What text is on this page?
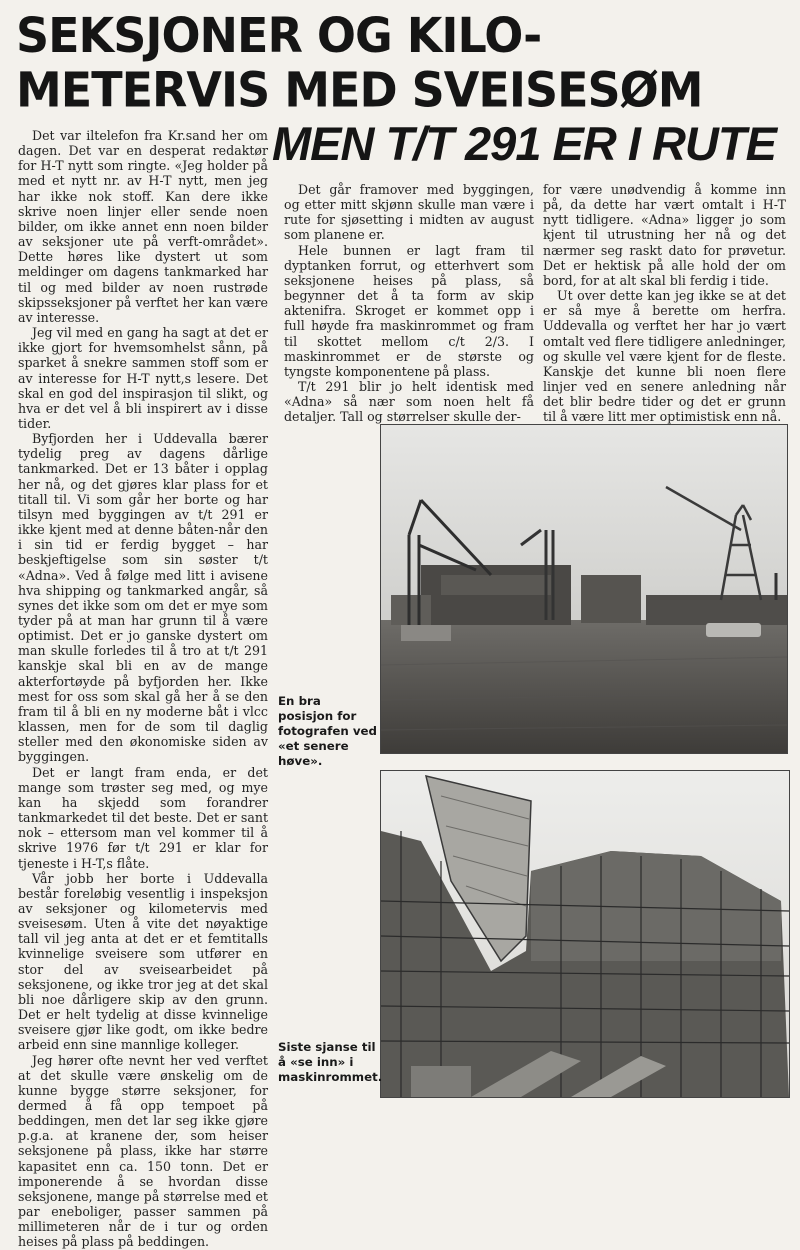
SEKSJONER OG KILO-
METERVIS MED SVEISESØM
MEN T/T 291 ER I RUTE

Det var iltelefon fra Kr.sand her om dagen. Det var en desperat redaktør for H-T nytt som ringte. «Jeg holder på med et nytt nr. av H-T nytt, men jeg har ikke nok stoff. Kan dere ikke skrive noen linjer eller sende noen bilder, om ikke annet enn noen bilder av seksjoner ute på verft-området». Dette høres like dystert ut som meldinger om dagens tankmarked har til og med bilder av noen rustrøde skipsseksjoner på verftet her kan være av interesse.

Jeg vil med en gang ha sagt at det er ikke gjort for hvemsomhelst sånn, på sparket å snekre sammen stoff som er av interesse for H-T nytt,s lesere. Det skal en god del inspirasjon til slikt, og hva er det vel å bli inspirert av i disse tider.

Byfjorden her i Uddevalla bærer tydelig preg av dagens dårlige tankmarked. Det er 13 båter i opplag her nå, og det gjøres klar plass for et titall til. Vi som går her borte og har tilsyn med byggingen av t/t 291 er ikke kjent med at denne båten-når den i sin tid er ferdig bygget – har beskjeftigelse som sin søster t/t «Adna». Ved å følge med litt i avisene hva shipping og tankmarked angår, så synes det ikke som om det er mye som tyder på at man har grunn til å være optimist. Det er jo ganske dystert om man skulle forledes til å tro at t/t 291 kanskje skal bli en av de mange akterfortøyde på byfjorden her. Ikke mest for oss som skal gå her å se den fram til å bli en ny moderne båt i vlcc klassen, men for de som til daglig steller med den økonomiske siden av byggingen.

Det er langt fram enda, er det mange som trøster seg med, og mye kan ha skjedd som forandrer tankmarkedet til det beste. Det er sant nok – ettersom man vel kommer til å skrive 1976 før t/t 291 er klar for tjeneste i H-T,s flåte.

Vår jobb her borte i Uddevalla består foreløbig vesentlig i inspeksjon av seksjoner og kilometervis med sveisesøm. Uten å vite det nøyaktige tall vil jeg anta at det er et femtitalls kvinnelige sveisere som utfører en stor del av sveisearbeidet på seksjonene, og ikke tror jeg at det skal bli noe dårligere skip av den grunn. Det er helt tydelig at disse kvinnelige sveisere gjør like godt, om ikke bedre arbeid enn sine mannlige kolleger.

Jeg hører ofte nevnt her ved verftet at det skulle være ønskelig om de kunne bygge større seksjoner, for dermed å få opp tempoet på beddingen, men det lar seg ikke gjøre p.g.a. at kranene der, som heiser seksjonene på plass, ikke har større kapasitet enn ca. 150 tonn. Det er imponerende å se hvordan disse seksjonene, mange på størrelse med et par eneboliger, passer sammen på millimeteren når de i tur og orden heises på plass på beddingen.

Det går framover med byggingen, og etter mitt skjønn skulle man være i rute for sjøsetting i midten av august som planene er.

Hele bunnen er lagt fram til dyptanken forrut, og etterhvert som seksjonene heises på plass, så begynner det å ta form av skip aktenifra. Skroget er kommet opp i full høyde fra maskinrommet og fram til skottet mellom c/t 2/3. I maskinrommet er de største og tyngste komponentene på plass.

T/t 291 blir jo helt identisk med «Adna» så nær som noen helt få detaljer. Tall og størrelser skulle der-

for være unødvendig å komme inn på, da dette har vært omtalt i H-T nytt tidligere. «Adna» ligger jo som kjent til utrustning her nå og det nærmer seg raskt dato for prøvetur. Det er hektisk på alle hold der om bord, for at alt skal bli ferdig i tide.

Ut over dette kan jeg ikke se at det er så mye å berette om herfra. Uddevalla og verftet her har jo vært omtalt ved flere tidligere anledninger, og skulle vel være kjent for de fleste. Kanskje det kunne bli noen flere linjer ved en senere anledning når det blir bedre tider og det er grunn til å være litt mer optimistisk enn nå.

En bra posisjon for fotografen ved «et senere høve».

Siste sjanse til å «se inn» i maskinrommet.
